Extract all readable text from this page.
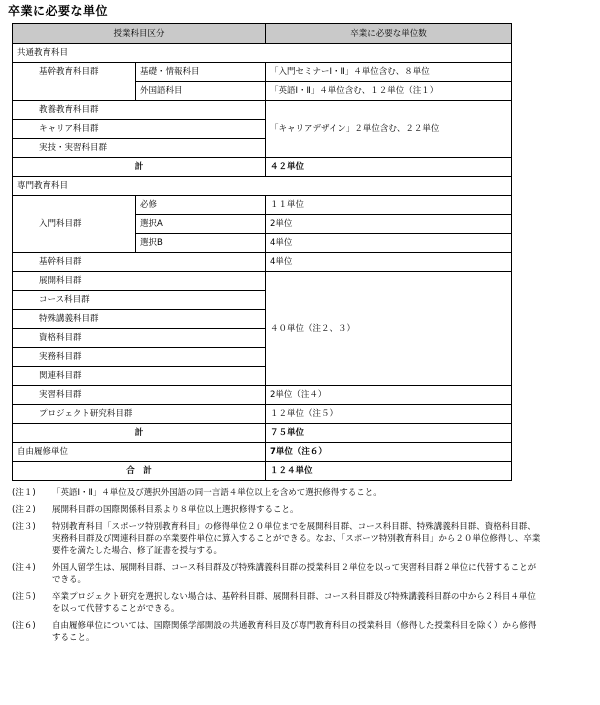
卒業に必要な単位
授業科目区分		卒業に必要な単位数
共通教育科目		
基幹教育科目群	基礎・情報科目	「入門セミナーⅠ・Ⅱ」４単位含む、８単位
	外国語科目	「英語Ⅰ・Ⅱ」４単位含む、１２単位（注１）
教養教育科目群		「キャリアデザイン」２単位含む、２２単位
キャリア科目群		
実技・実習科目群		
計		４２単位
専門教育科目		
入門科目群	必修	１１単位
	選択A	2単位
	選択B	4単位
基幹科目群		4単位
展開科目群		４０単位（注２、３）
コース科目群		
特殊講義科目群		
資格科目群		
実務科目群		
関連科目群		
実習科目群		2単位（注４）
プロジェクト研究科目群		１２単位（注５）
計		７５単位
自由履修単位		7単位（注６）
合　計		１２４単位
(注１)	「英語Ⅰ・Ⅱ」４単位及び選択外国語の同一言語４単位以上を含めて選択修得すること。
(注２)	展開科目群の国際関係科目系より８単位以上選択修得すること。
(注３)	特別教育科目「スポーツ特別教育科目」の修得単位２０単位までを展開科目群、コース科目群、特殊講義科目群、資格科目群、
実務科目群及び関連科目群の卒業要件単位に算入することができる。なお、「スポーツ特別教育科目」から２０単位修得し、卒業
要件を満たした場合、修了証書を授与する。
(注４)	外国人留学生は、展開科目群、コース科目群及び特殊講義科目群の授業科目２単位を以って実習科目群２単位に代替することが
できる。
(注５)	卒業プロジェクト研究を選択しない場合は、基幹科目群、展開科目群、コース科目群及び特殊講義科目群の中から２科目４単位
を以って代替することができる。
(注６)	自由履修単位については、国際関係学部開設の共通教育科目及び専門教育科目の授業科目（修得した授業科目を除く）から修得
すること。
